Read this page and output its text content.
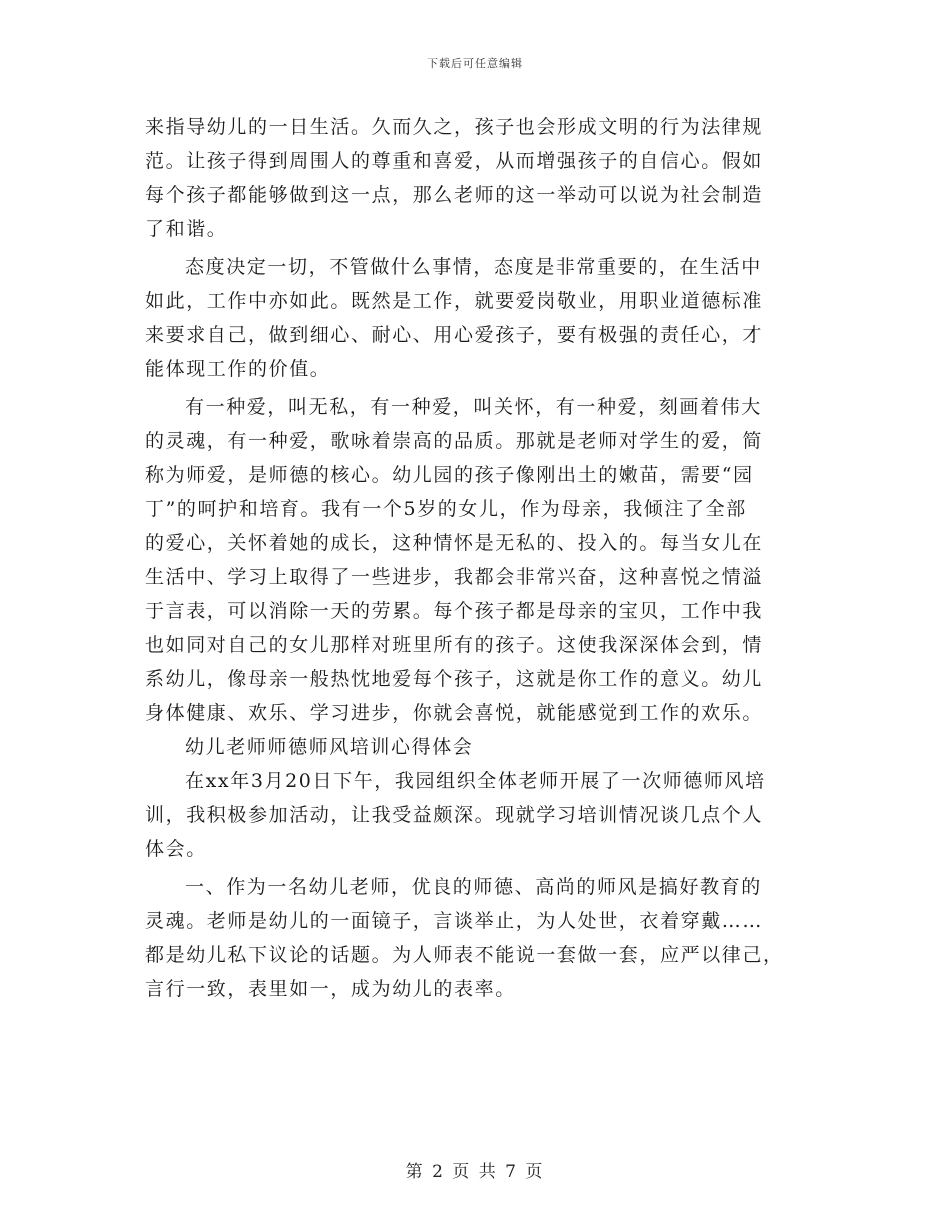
下载后可任意编辑
来指导幼儿的一日生活。久而久之，孩子也会形成文明的行为法律规
范。让孩子得到周围人的尊重和喜爱，从而增强孩子的自信心。假如
每个孩子都能够做到这一点，那么老师的这一举动可以说为社会制造
了和谐。
态度决定一切，不管做什么事情，态度是非常重要的，在生活中
如此，工作中亦如此。既然是工作，就要爱岗敬业，用职业道德标准
来要求自己，做到细心、耐心、用心爱孩子，要有极强的责任心，才
能体现工作的价值。
有一种爱，叫无私，有一种爱，叫关怀，有一种爱，刻画着伟大
的灵魂，有一种爱，歌咏着崇高的品质。那就是老师对学生的爱，简
称为师爱，是师德的核心。幼儿园的孩子像刚出土的嫩苗，需要“园
丁”的呵护和培育。我有一个5岁的女儿，作为母亲，我倾注了全部
的爱心，关怀着她的成长，这种情怀是无私的、投入的。每当女儿在
生活中、学习上取得了一些进步，我都会非常兴奋，这种喜悦之情溢
于言表，可以消除一天的劳累。每个孩子都是母亲的宝贝，工作中我
也如同对自己的女儿那样对班里所有的孩子。这使我深深体会到，情
系幼儿，像母亲一般热忱地爱每个孩子，这就是你工作的意义。幼儿
身体健康、欢乐、学习进步，你就会喜悦，就能感觉到工作的欢乐。
幼儿老师师德师风培训心得体会
在xx年3月20日下午，我园组织全体老师开展了一次师德师风培
训，我积极参加活动，让我受益颇深。现就学习培训情况谈几点个人
体会。
一、作为一名幼儿老师，优良的师德、高尚的师风是搞好教育的
灵魂。老师是幼儿的一面镜子，言谈举止，为人处世，衣着穿戴……
都是幼儿私下议论的话题。为人师表不能说一套做一套，应严以律己，
言行一致，表里如一，成为幼儿的表率。
第 2 页 共 7 页
